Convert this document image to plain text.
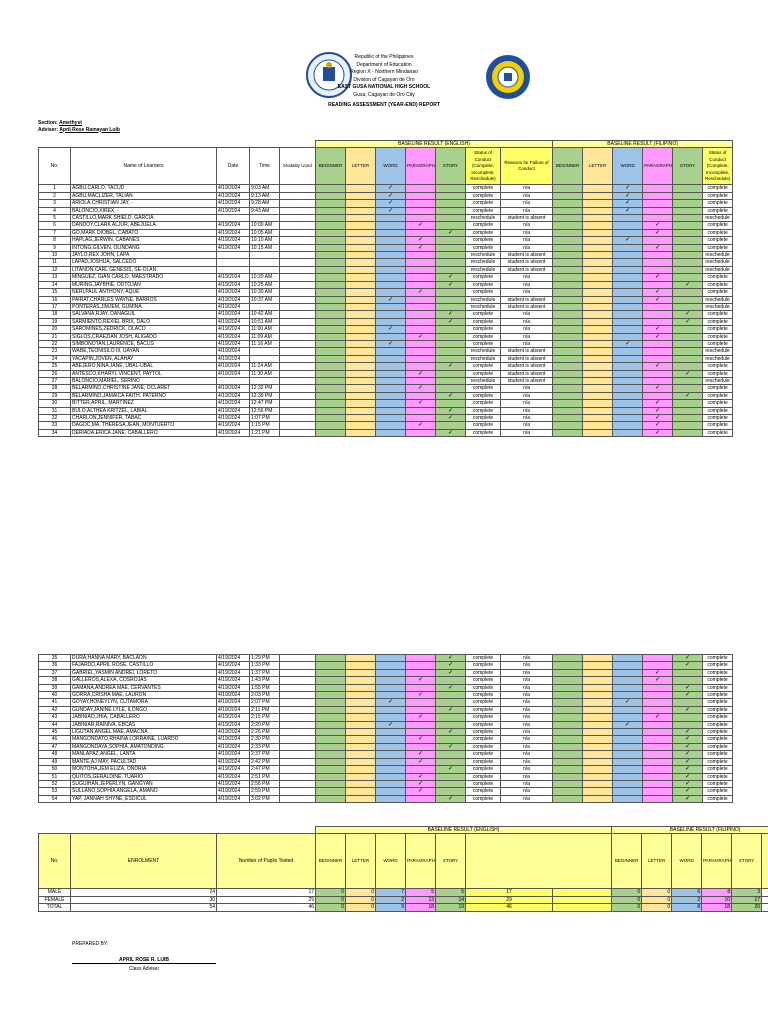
Republic of the Philippines
Department of Education
Region X - Northern Mindanao
Division of Cagayan de Oro
EAST GUSA NATIONAL HIGH SCHOOL
Gusa, Cagayan de Oro City
READING ASSESSMENT (YEAR-END) REPORT
Section: Amethyst
Adviser: April Rose Ramayan Luib
					BASELINE RESULT (ENGLISH)							BASELINE RESULT (FILIPINO)					
No.	Name of Learners	Date	Time	Modality Used	BEGINNER	LETTER	WORD	PARAGRAPH	STORY	Status of Conduct (Complete, Incomplete, Reschedule)	Reasons for Failure of Conduct	BEGINNER	LETTER	WORD	PARAGRAPH	STORY	Status of Conduct (Complete, Incomplete, Reschedule)
1	AGBU,CARLO, TACUD	4/19/2024	9:03 AM				✓			complete	n/a			✓			complete
2	AGBU,MACLIZER, TALIAN	4/19/2024	9:13 AM				✓			complete	n/a			✓			complete
3	ARIOLA,CHRISTIAN JAY, -	4/19/2024	9:28 AM				✓			complete	n/a			✓			complete
4	BALONCIO,XIREX, -	4/19/2024	9:43 AM				✓			complete	n/a			✓			complete
5	CASTILLO,MARK SHIELD, GARCIA									reschedule	student is absent						reschedule
6	DANDOY,CLARK ALJUR, ABEJUELA	4/19/2024	10:00 AM					✓		complete	n/a				✓		complete
7	GO,MARK DIOBEL, CABATO	4/19/2024	10:05 AM						✓	complete	n/a				✓		complete
8	HAPLAG,JERWIN, CABANES	4/19/2024	10:10 AM					✓		complete	n/a			✓			complete
9	INTONG,GILVEN, OLINDANG	4/19/2024	10:15 AM					✓		complete	n/a				✓		complete
10	JAYLO,REX JOHN, LAPA									reschedule	student is absent						reschedule
11	LAPAD,JOSHUA, SALCEDO									reschedule	student is absent						reschedule
12	LITANON,CARL GENESIS, SE-OLAN									reschedule	student is absent						reschedule
13	MINGUEZ, GIAN CARLO, MAESTRADO	4/19/2024	10:20 AM						✓	complete	n/a				✓		complete
14	MURING,JAYBHIE, ODTOJAN	4/19/2024	10:25 AM						✓	complete	n/a					✓	complete
15	NERI,PAUL ANTHONY, AQUE	4/19/2024	10:30 AM					✓		complete	n/a				✓		complete
16	PAIRAT,CHARLES WAYNE, BARROS	4/19/2024	10:37 AM				✓			reschedule	student is absent				✓		reschedule
17	PONTERAS,JIMJEM, GUMINA	4/19/2024								reschedule	student is absent						reschedule
18	SALVAÑA,RJAY, DAÑAGUIL	4/19/2024	10:42 AM						✓	complete	n/a					✓	complete
19	SARMIENTO,REXIEL BRIX, DALO	4/19/2024	10:51 AM						✓	complete	n/a					✓	complete
20	SAROMINES,ZEDRICK, OLACO	4/19/2024	11:00 AM				✓			complete	n/a				✓		complete
21	SIGLOS,CRAEZIAN JOSH, ALIGADO	4/19/2024	11:09 AM					✓		complete	n/a				✓		complete
22	SIMBONOTAN,LAURENCE, BACUS	4/19/2024	11:16 AM				✓			complete	n/a			✓			complete
23	WABE,TEONISILO III, UAYAN	4/19/2024								reschedule	student is absent						reschedule
24	YACAPIN,JOVEN, ALAHAY	4/19/2024								reschedule	student is absent						reschedule
25	ABEJERO,NINA JANE, UBAL-UBAL	4/19/2024	11:24 AM						✓	complete	student is absent				✓		complete
26	ANTESCO,KHARYL VINCENT, PAYTOL	4/19/2024	11:30 AM					✓		complete	student is absent					✓	complete
27	BALONCIO,MARIEL, SERINO									reschedule	student is absent						reschedule
28	BELARMINO,CHRISTINE JANE, OCLARET	4/19/2024	12:32 PM					✓		complete	n/a				✓		complete
29	BELARMINO,JAMAICA FAITH, PATERNO	4/19/2024	12:39 PM						✓	complete	n/a					✓	complete
30	BITTER,APRIL, MARTINEZ	4/19/2024	12:47 PM					✓		complete	n/a				✓		complete
31	BULO,ALTHEA KRITZEL, LABIAL	4/19/2024	12:56 PM						✓	complete	n/a				✓		complete
32	CHARLON,JENNIFER, TABAC	4/19/2024	1:07 PM						✓	complete	n/a				✓		complete
33	DAGOC,MA. THERESA JEAN, MONTUERTO	4/19/2024	1:15 PM					✓		complete	n/a				✓		complete
34	DERIADA,ERICA JANE, CABALLERO	4/19/2024	1:21 PM						✓	complete	n/a				✓		complete
35	DURA,HANNA MARY, BACLAON	4/19/2024	1:29 PM						✓	complete	n/a					✓	complete
36	FAJARDO,APRIL ROSE, CASTILLO	4/19/2024	1:33 PM						✓	complete	n/a					✓	complete
37	GABRIEL,YASMIN ANDREI, LORETO	4/19/2024	1:37 PM						✓	complete	n/a				✓		complete
38	GALLEROS,ALEXA, COSROJAS	4/19/2024	1:43 PM					✓		complete	n/a				✓		complete
39	GAMANA,ANDREA MAE, CERVANTES	4/19/2024	1:55 PM						✓	complete	n/a					✓	complete
40	GORRA,CRISHA MAE, LAURON	4/19/2024	2:03 PM					✓		complete	n/a					✓	complete
41	GOYAY,HONEYLYN, CUTAMORA	4/19/2024	2:07 PM				✓			complete	n/a			✓			complete
42	GUNDAY,JANINE LYLE, ILONGO	4/19/2024	2:11 PM						✓	complete	n/a					✓	complete
43	JABINIAO,JHIA, CABALLERO	4/19/2024	2:15 PM					✓		complete	n/a				✓		complete
44	JABINIAR,RAINIVA, EBCAS	4/19/2024	2:20 PM				✓			complete	n/a			✓			complete
45	LIGUTAN,ANGEL MAE, AMACNA	4/19/2024	2:26 PM						✓	complete	n/a					✓	complete
46	MANGONDATO,RHAINA LORRAINE, LUARDO	4/19/2024	2:30 PM					✓		complete	n/a					✓	complete
47	MANGONDAYA,SOPHIA, AMATONDING	4/19/2024	2:33 PM						✓	complete	n/a					✓	complete
48	MANLAPAZ,ANGEL, LANTA	4/19/2024	2:37 PM					✓		complete	n/a					✓	complete
49	MANTE,AJ MAY, PACULTAD	4/19/2024	2:42 PM					✓		complete	n/a					✓	complete
50	MONTOHA,JEM ELIZA, ONDRIA	4/19/2024	2:47 PM						✓	complete	n/a					✓	complete
51	QUITOS,GERALDINE, TUARIO	4/19/2024	2:51 PM					✓		complete	n/a					✓	complete
52	SUGUIHAN,JEPERLYN, GANGYAN	4/19/2024	2:56 PM					✓		complete	n/a					✓	complete
53	SULLANO,SOPHIA ANGELA, AMANO	4/19/2024	2:59 PM					✓		complete	n/a					✓	complete
54	YAP, JANNAH SHYNE, ESDICUL	4/19/2024	3:02 PM						✓	complete	n/a					✓	complete
			BASELINE RESULT (ENGLISH)							BASELINE RESULT (FILIPINO)					
No.	ENROLMENT	Number of Pupils Tested	BEGINNER	LETTER	WORD	PARAGRAPH	STORY			BEGINNER	LETTER	WORD	PARAGRAPH	STORY	
MALE	24	17	0	0	7	5	5	17		0	0	6	8	3	
FEMALE	30	29	0	0	2	13	14	29		0	0	2	10	17	
TOTAL	54	46	0	0	9	18	19	46		0	0	8	18	20	
PREPARED BY:
APRIL ROSE R. LUIB
Class Adviser
